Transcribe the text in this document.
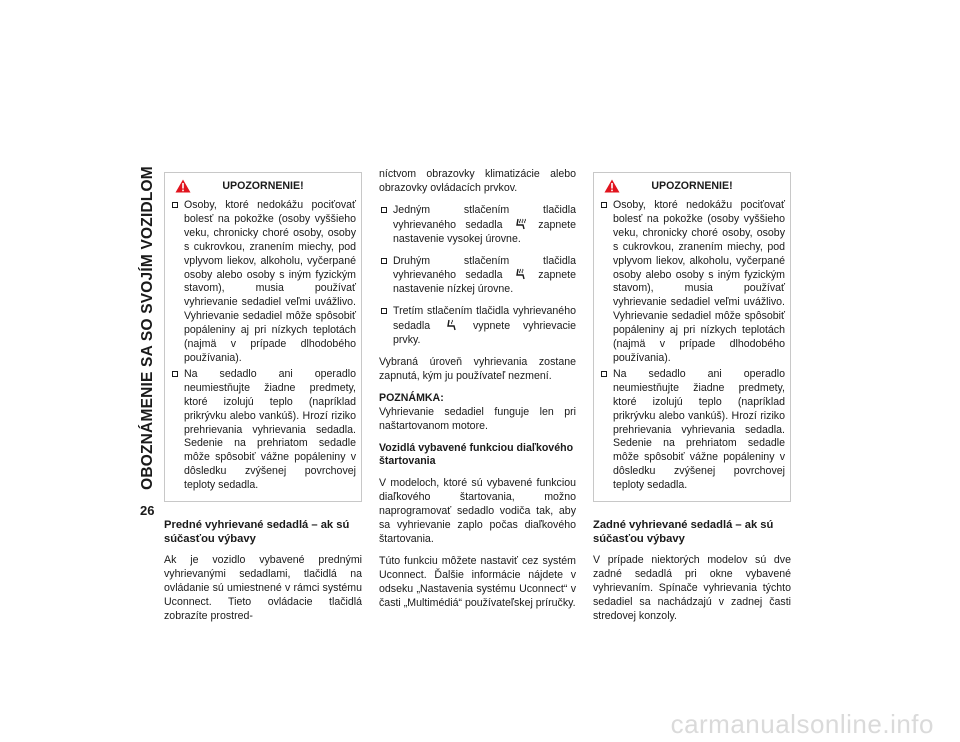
OBOZNÁMENIE SA SO SVOJÍM VOZIDLOM
26
UPOZORNENIE!
Osoby, ktoré nedokážu pociťovať bolesť na pokožke (osoby vyššieho veku, chronicky choré osoby, osoby s cukrovkou, zranením miechy, pod vplyvom liekov, alkoholu, vyčerpané osoby alebo osoby s iným fyzickým stavom), musia používať vyhrievanie sedadiel veľmi uvážlivo. Vyhrievanie sedadiel môže spôsobiť popáleniny aj pri nízkych teplotách (najmä v prípade dlhodobého používania).
Na sedadlo ani operadlo neumiestňujte žiadne predmety, ktoré izolujú teplo (napríklad prikrývku alebo vankúš). Hrozí riziko prehrievania vyhrievania sedadla. Sedenie na prehriatom sedadle môže spôsobiť vážne popáleniny v dôsledku zvýšenej povrchovej teploty sedadla.
Predné vyhrievané sedadlá – ak sú súčasťou výbavy

Ak je vozidlo vybavené prednými vyhrievanými sedadlami, tlačidlá na ovládanie sú umiestnené v rámci systému Uconnect. Tieto ovládacie tlačidlá zobrazíte prostred-

níctvom obrazovky klimatizácie alebo obrazovky ovládacích prvkov.

Jedným stlačením tlačidla vyhrievaného sedadla	zapnete nastavenie vysokej úrovne.
Druhým stlačením tlačidla vyhrievaného sedadla	zapnete nastavenie nízkej úrovne.
Tretím stlačením tlačidla vyhrievaného sedadla	vypnete vyhrievacie prvky.

Vybraná úroveň vyhrievania zostane zapnutá, kým ju používateľ nezmení.

POZNÁMKA:
Vyhrievanie sedadiel funguje len pri naštartovanom motore.

Vozidlá vybavené funkciou diaľkového štartovania

V modeloch, ktoré sú vybavené funkciou diaľkového štartovania, možno naprogramovať sedadlo vodiča tak, aby sa vyhrievanie zaplo počas diaľkového štartovania.

Túto funkciu môžete nastaviť cez systém Uconnect. Ďalšie informácie nájdete v odseku „Nastavenia systému Uconnect“ v časti „Multimédiá“ používateľskej príručky.

UPOZORNENIE!
Osoby, ktoré nedokážu pociťovať bolesť na pokožke (osoby vyššieho veku, chronicky choré osoby, osoby s cukrovkou, zranením miechy, pod vplyvom liekov, alkoholu, vyčerpané osoby alebo osoby s iným fyzickým stavom), musia používať vyhrievanie sedadiel veľmi uvážlivo. Vyhrievanie sedadiel môže spôsobiť popáleniny aj pri nízkych teplotách (najmä v prípade dlhodobého používania).
Na sedadlo ani operadlo neumiestňujte žiadne predmety, ktoré izolujú teplo (napríklad prikrývku alebo vankúš). Hrozí riziko prehrievania vyhrievania sedadla. Sedenie na prehriatom sedadle môže spôsobiť vážne popáleniny v dôsledku zvýšenej povrchovej teploty sedadla.
Zadné vyhrievané sedadlá – ak sú súčasťou výbavy

V prípade niektorých modelov sú dve zadné sedadlá pri okne vybavené vyhrievaním. Spínače vyhrievania týchto sedadiel sa nachádzajú v zadnej časti stredovej konzoly.

carmanualsonline.info
